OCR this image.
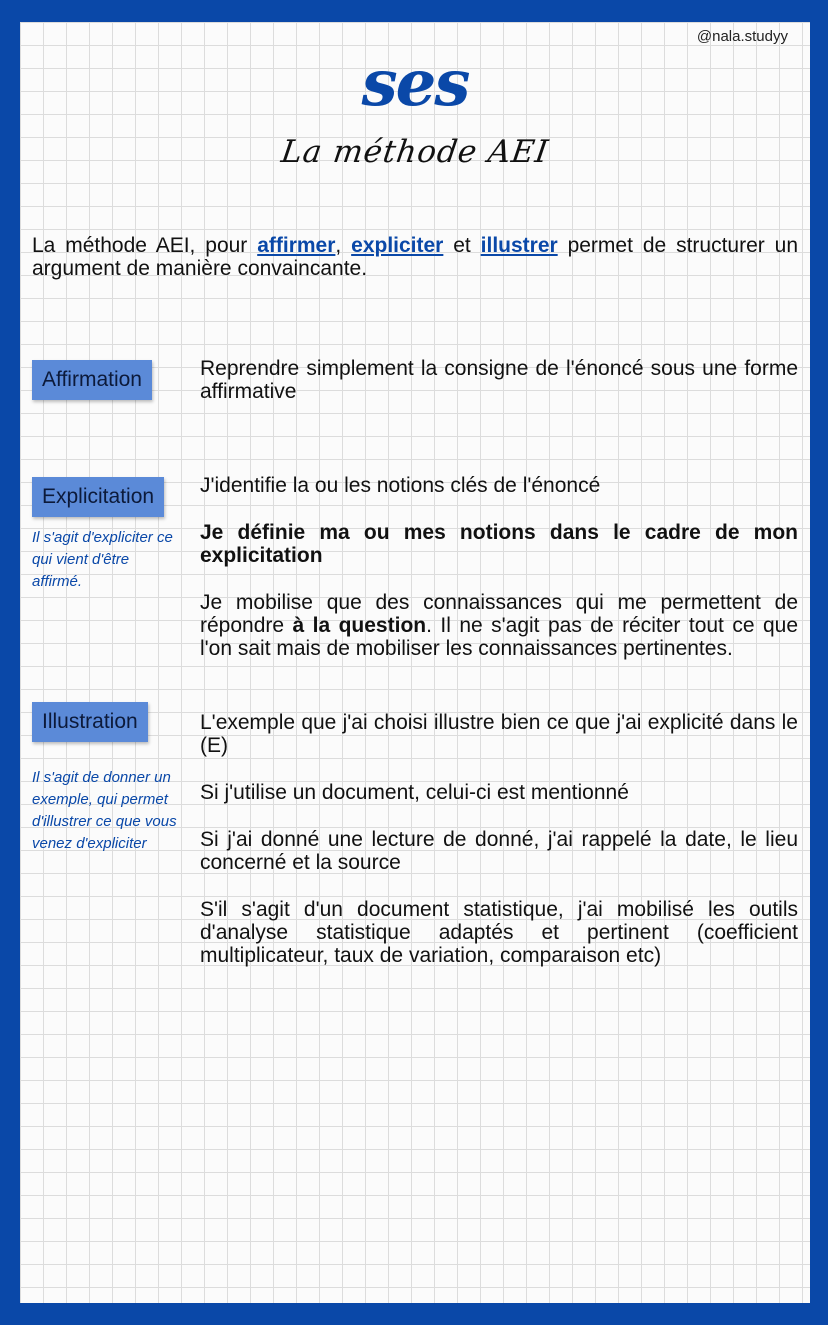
@nala.studyy
ses
La méthode AEI
La méthode AEI, pour affirmer, expliciter et illustrer permet de structurer un argument de manière convaincante.
Affirmation	Reprendre simplement la consigne de l'énoncé sous une forme affirmative

Explicitation
Il s'agit d'expliciter ce qui vient d'être affirmé.

J'identifie la ou les notions clés de l'énoncé

Je définie ma ou mes notions dans le cadre de mon explicitation

Je mobilise que des connaissances qui me permettent de répondre à la question. Il ne s'agit pas de réciter tout ce que l'on sait mais de mobiliser les connaissances pertinentes.

Illustration
Il s'agit de donner un exemple, qui permet d'illustrer ce que vous venez d'expliciter

L'exemple que j'ai choisi illustre bien ce que j'ai explicité dans le (E)

Si j'utilise un document, celui-ci est mentionné

Si j'ai donné une lecture de donné, j'ai rappelé la date, le lieu concerné et la source

S'il s'agit d'un document statistique, j'ai mobilisé les outils d'analyse statistique adaptés et pertinent (coefficient multiplicateur, taux de variation, comparaison etc)
